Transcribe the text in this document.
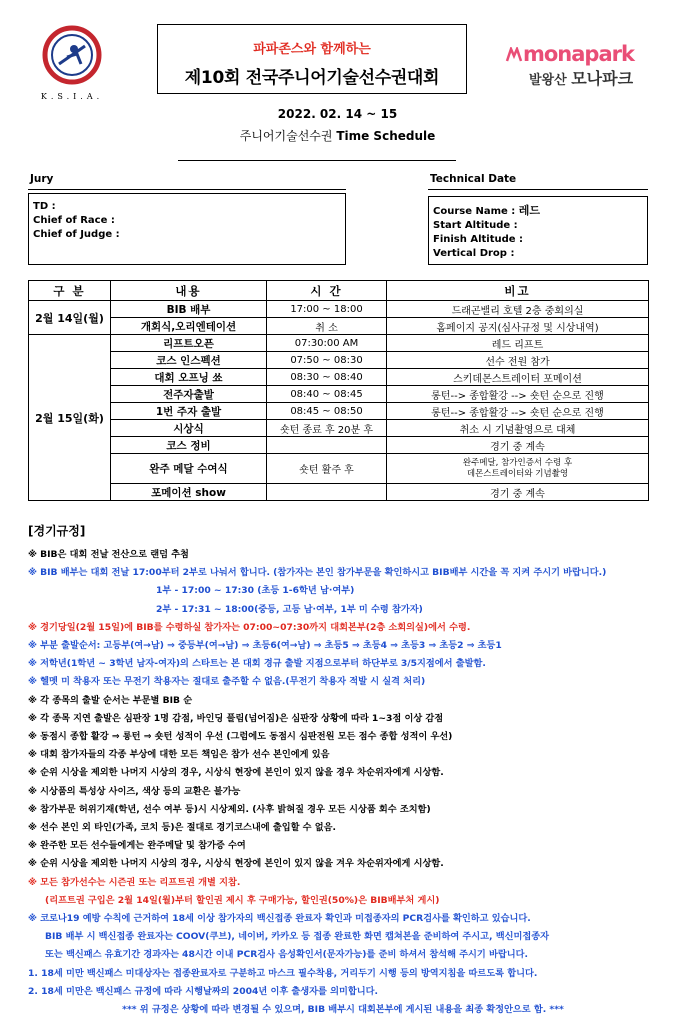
K.S.I.A.
파파존스와 함께하는
제10회 전국주니어기술선수권대회
monapark
발왕산 모나파크
2022. 02. 14 ~ 15
주니어기술선수권 Time Schedule
Jury
TD :
Chief of Race :
Chief of Judge :
Technical Date
Course Name : 레드
Start Altitude :
Finish Altitude :
Vertical Drop :
구 분	내용	시 간	비고
2월 14일(월)	BIB 배부	17:00 ~ 18:00	드래곤밸리 호텔 2층 중회의실
	개회식,오리엔테이션	취 소	홈페이지 공지(심사규정 및 시상내역)
2월 15일(화)	리프트오픈	07:30:00 AM	레드 리프트
	코스 인스펙션	07:50 ~ 08:30	선수 전원 참가
	대회 오프닝 쑈	08:30 ~ 08:40	스키데몬스트레이터 포메이션
	전주자출발	08:40 ~ 08:45	롱턴--> 종합활강 --> 숏턴 순으로 진행
	1번 주자 출발	08:45 ~ 08:50	롱턴--> 종합활강 --> 숏턴 순으로 진행
	시상식	숏턴 종료 후 20분 후	취소 시 기념촬영으로 대체
	코스 정비		경기 중 계속
	완주 메달 수여식	숏턴 활주 후	완주메달, 참가인증서 수령 후
데몬스트레이터와 기념촬영

	포메이션 show		경기 중 계속
[경기규정]
※ BIB은 대회 전날 전산으로 랜덤 추첨
※ BIB 배부는 대회 전날 17:00부터 2부로 나눠서 합니다. (참가자는 본인 참가부문을 확인하시고 BIB배부 시간을 꼭 지켜 주시기 바랍니다.)
1부 - 17:00 ~ 17:30 (초등 1-6학년 남·여부)
2부 - 17:31 ~ 18:00(중등, 고등 남·여부, 1부 미 수령 참가자)
※ 경기당일(2월 15일)에 BIB를 수령하실 참가자는 07:00~07:30까지 대회본부(2층 소회의실)에서 수령.
※ 부분 출발순서: 고등부(여→남) ⇒ 중등부(여→남) ⇒ 초등6(여→남) ⇒ 초등5 ⇒ 초등4 ⇒ 초등3 ⇒ 초등2 ⇒ 초등1
※ 저학년(1학년 ~ 3학년 남자-여자)의 스타트는 본 대회 경규 출발 지점으로부터 하단부로 3/5지점에서 출발함.
※ 헬멧 미 착용자 또는 무전기 착용자는 절대로 출주할 수 없음.(무전기 착용자 적발 시 실격 처리)
※ 각 종목의 출발 순서는 부문별 BIB 순
※ 각 종목 지연 출발은 심판장 1명 감점, 바인딩 풀림(넘어짐)은 심판장 상황에 따라 1~3점 이상 감점
※ 동점시 종합 활강 ⇒ 롱턴 ⇒ 숏턴 성적이 우선 (그럼에도 동점시 심판전원 모든 점수 종합 성적이 우선)
※ 대회 참가자들의 각종 부상에 대한 모든 책임은 참가 선수 본인에게 있음
※ 순위 시상을 제외한 나머지 시상의 경우, 시상식 현장에 본인이 있지 않을 경우 차순위자에게 시상함.
※ 시상품의 특성상 사이즈, 색상 등의 교환은 불가능
※ 참가부문 허위기재(학년, 선수 여부 등)시 시상제외. (사후 밝혀질 경우 모든 시상품 회수 조치함)
※ 선수 본인 외 타인(가족, 코치 등)은 절대로 경기코스내에 출입할 수 없음.
※ 완주한 모든 선수들에게는 완주메달 및 참가증 수여
※ 순위 시상을 제외한 나머지 시상의 경우, 시상식 현장에 본인이 있지 않을 겨우 차순위자에게 시상함.
※ 모든 참가선수는 시즌권 또는 리프트권 개별 지참.
(리프트권 구입은 2월 14일(월)부터 할인권 제시 후 구매가능, 할인권(50%)은 BIB배부처 게시)
※ 코로나19 예방 수칙에 근거하여 18세 이상 참가자의 백신접종 완료자 확인과 미접종자의 PCR검사를 확인하고 있습니다.
BIB 배부 시 백신접종 완료자는 COOV(쿠브), 네이버, 카카오 등 접종 완료한 화면 캡쳐본을 준비하여 주시고, 백신미접종자
또는 백신패스 유효기간 경과자는 48시간 이내 PCR검사 음성확인서(문자가능)를 준비 하셔서 참석해 주시기 바랍니다.
1. 18세 미만 백신패스 미대상자는 접종완료자로 구분하고 마스크 필수착용, 거리두기 시행 등의 방역지침을 따르도록 합니다.
2. 18세 미만은 백신패스 규정에 따라 시행날짜의 2004년 이후 출생자를 의미합니다.
*** 위 규정은 상황에 따라 변경될 수 있으며, BIB 배부시 대회본부에 게시된 내용을 최종 확정안으로 함. ***
